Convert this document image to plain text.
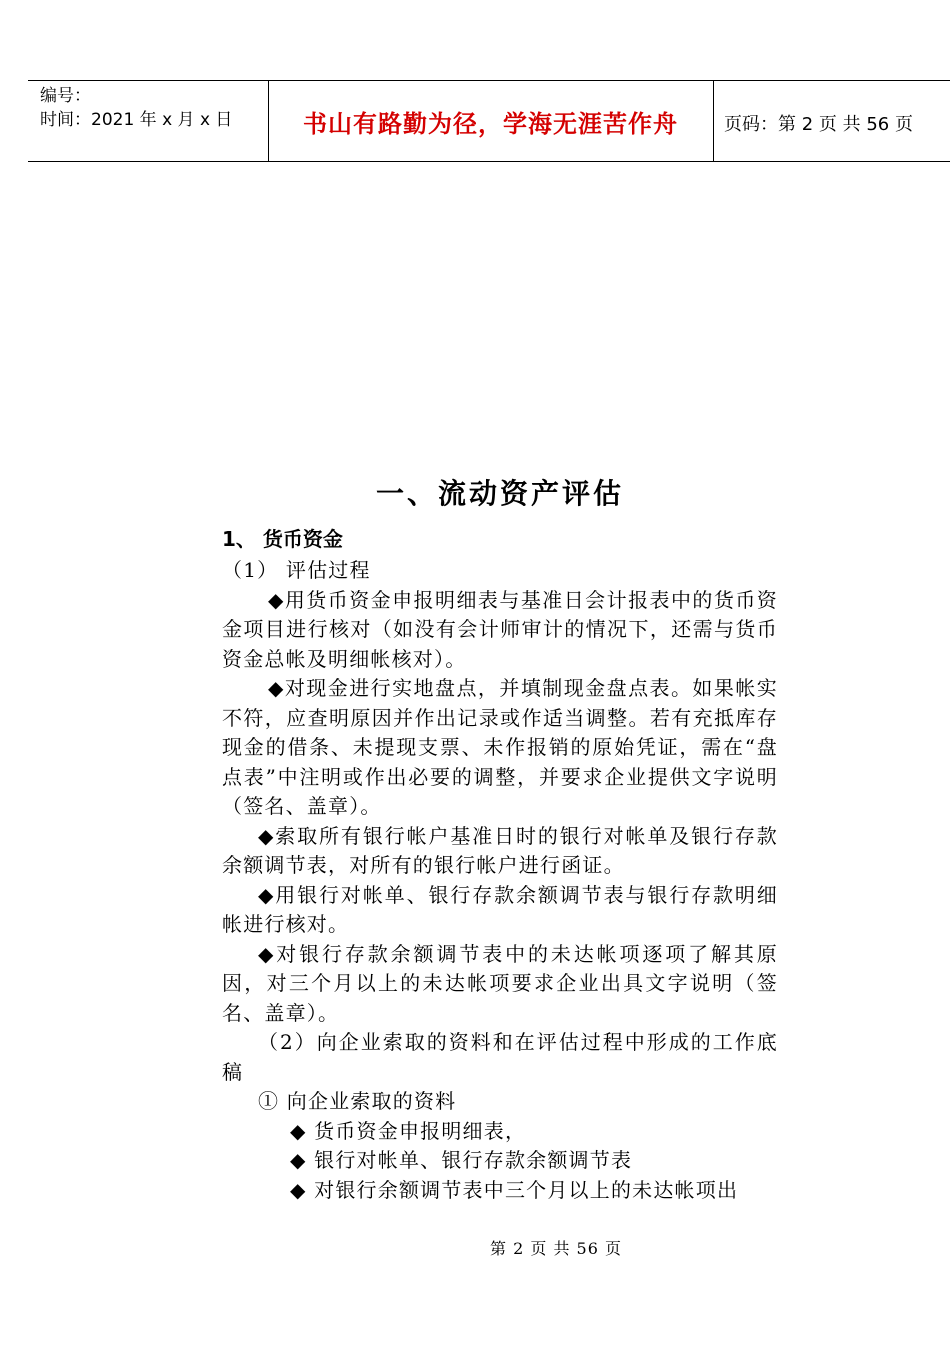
编号：
时间：2021 年 x 月 x 日	书山有路勤为径，学海无涯苦作舟	页码：第 2 页 共 56 页
一、流动资产评估

1、 货币资金

（1） 评估过程

◆用货币资金申报明细表与基准日会计报表中的货币资金项目进行核对（如没有会计师审计的情况下，还需与货币资金总帐及明细帐核对）。

◆对现金进行实地盘点，并填制现金盘点表。如果帐实不符，应查明原因并作出记录或作适当调整。若有充抵库存现金的借条、未提现支票、未作报销的原始凭证，需在“盘点表”中注明或作出必要的调整，并要求企业提供文字说明（签名、盖章）。

◆索取所有银行帐户基准日时的银行对帐单及银行存款余额调节表，对所有的银行帐户进行函证。

◆用银行对帐单、银行存款余额调节表与银行存款明细帐进行核对。

◆对银行存款余额调节表中的未达帐项逐项了解其原因，对三个月以上的未达帐项要求企业出具文字说明（签名、盖章）。

（2）向企业索取的资料和在评估过程中形成的工作底稿

① 向企业索取的资料

◆ 货币资金申报明细表，

◆ 银行对帐单、银行存款余额调节表

◆ 对银行余额调节表中三个月以上的未达帐项出

第 2 页 共 56 页
